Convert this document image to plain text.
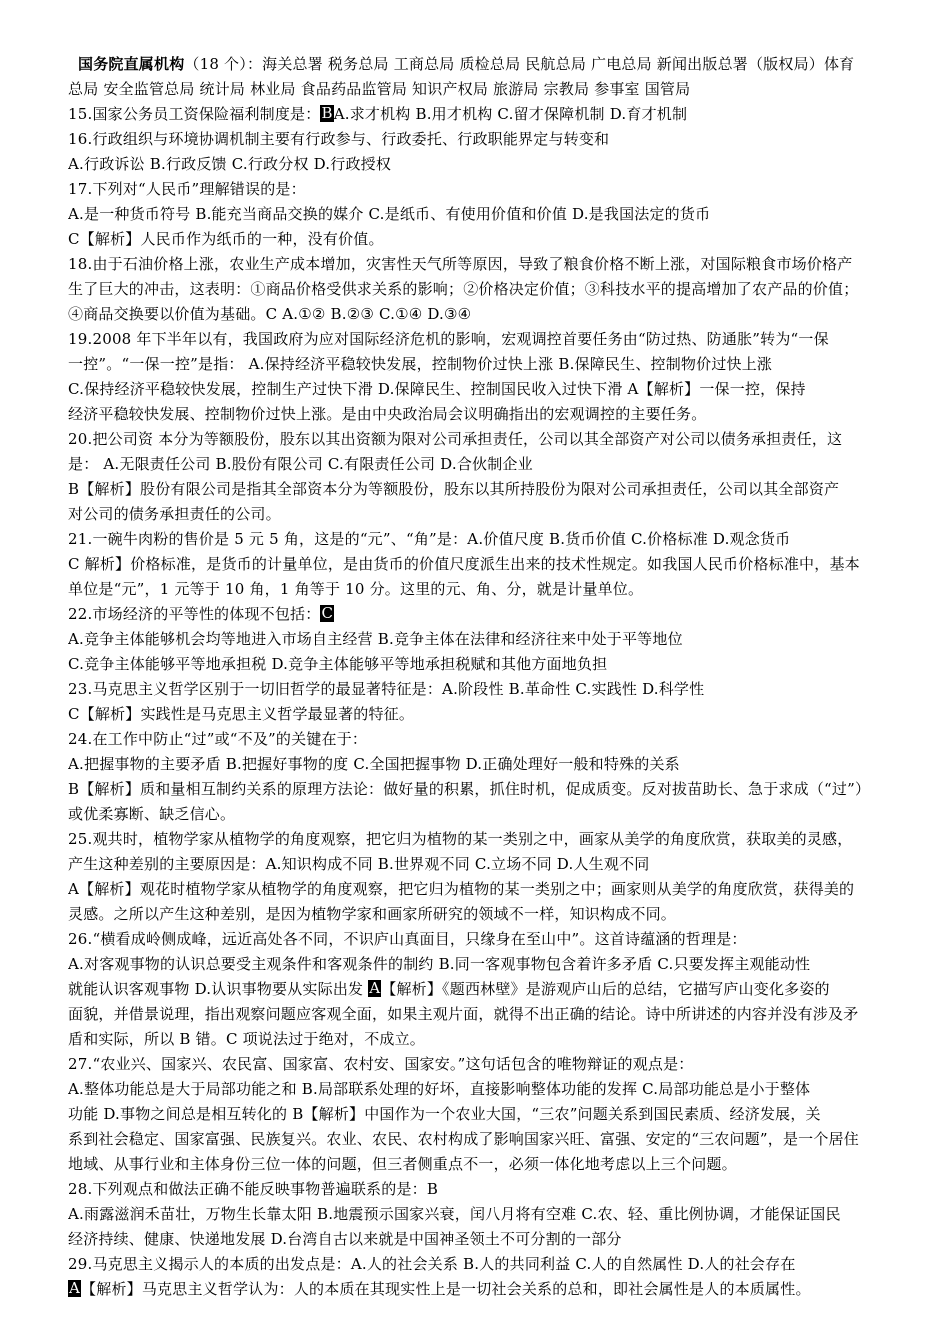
国务院直属机构（18 个）：海关总署 税务总局 工商总局 质检总局 民航总局 广电总局 新闻出版总署（版权局）体育
总局 安全监管总局 统计局 林业局 食品药品监管局 知识产权局 旅游局 宗教局 参事室 国管局
15.国家公务员工资保险福利制度是：BA.求才机构 B.用才机构 C.留才保障机制 D.育才机制
16.行政组织与环境协调机制主要有行政参与、行政委托、行政职能界定与转变和
A.行政诉讼 B.行政反馈 C.行政分权 D.行政授权
17.下列对“人民币”理解错误的是：
A.是一种货币符号 B.能充当商品交换的媒介 C.是纸币、有使用价值和价值 D.是我国法定的货币
C【解析】人民币作为纸币的一种，没有价值。
18.由于石油价格上涨，农业生产成本增加，灾害性天气所等原因，导致了粮食价格不断上涨，对国际粮食市场价格产
生了巨大的冲击，这表明：①商品价格受供求关系的影响；②价格决定价值；③科技水平的提高增加了农产品的价值；
④商品交换要以价值为基础。C A.①② B.②③ C.①④ D.③④
19.2008 年下半年以有，我国政府为应对国际经济危机的影响，宏观调控首要任务由“防过热、防通胀”转为“一保
一控”。“一保一控”是指： A.保持经济平稳较快发展，控制物价过快上涨 B.保障民生、控制物价过快上涨
C.保持经济平稳较快发展，控制生产过快下滑 D.保障民生、控制国民收入过快下滑 A【解析】一保一控，保持
经济平稳较快发展、控制物价过快上涨。是由中央政治局会议明确指出的宏观调控的主要任务。
20.把公司资 本分为等额股份，股东以其出资额为限对公司承担责任，公司以其全部资产对公司以债务承担责任，这
是： A.无限责任公司 B.股份有限公司 C.有限责任公司 D.合伙制企业
B【解析】股份有限公司是指其全部资本分为等额股份，股东以其所持股份为限对公司承担责任，公司以其全部资产
对公司的债务承担责任的公司。
21.一碗牛肉粉的售价是 5 元 5 角，这是的“元”、“角”是：A.价值尺度 B.货币价值 C.价格标准 D.观念货币
C 解析】价格标准，是货币的计量单位，是由货币的价值尺度派生出来的技术性规定。如我国人民币价格标准中，基本
单位是“元”，1 元等于 10 角，1 角等于 10 分。这里的元、角、分，就是计量单位。
22.市场经济的平等性的体现不包括：C
A.竞争主体能够机会均等地进入市场自主经营 B.竞争主体在法律和经济往来中处于平等地位
C.竞争主体能够平等地承担税 D.竞争主体能够平等地承担税赋和其他方面地负担
23.马克思主义哲学区别于一切旧哲学的最显著特征是：A.阶段性 B.革命性 C.实践性 D.科学性
C【解析】实践性是马克思主义哲学最显著的特征。
24.在工作中防止“过”或“不及”的关键在于：
A.把握事物的主要矛盾 B.把握好事物的度 C.全国把握事物 D.正确处理好一般和特殊的关系
B【解析】质和量相互制约关系的原理方法论：做好量的积累，抓住时机，促成质变。反对拔苗助长、急于求成（“过”）
或优柔寡断、缺乏信心。
25.观共时，植物学家从植物学的角度观察，把它归为植物的某一类别之中，画家从美学的角度欣赏，获取美的灵感，
产生这种差别的主要原因是：A.知识构成不同 B.世界观不同 C.立场不同 D.人生观不同
A【解析】观花时植物学家从植物学的角度观察，把它归为植物的某一类别之中；画家则从美学的角度欣赏，获得美的
灵感。之所以产生这种差别，是因为植物学家和画家所研究的领域不一样，知识构成不同。
26.“横看成岭侧成峰，远近高处各不同，不识庐山真面目，只缘身在至山中”。这首诗蕴涵的哲理是：
A.对客观事物的认识总要受主观条件和客观条件的制约 B.同一客观事物包含着许多矛盾 C.只要发挥主观能动性
就能认识客观事物 D.认识事物要从实际出发 A【解析】《题西林壁》是游观庐山后的总结，它描写庐山变化多姿的
面貌，并借景说理，指出观察问题应客观全面，如果主观片面，就得不出正确的结论。诗中所讲述的内容并没有涉及矛
盾和实际，所以 B 错。C 项说法过于绝对，不成立。
27.“农业兴、国家兴、农民富、国家富、农村安、国家安。”这句话包含的唯物辩证的观点是：
A.整体功能总是大于局部功能之和 B.局部联系处理的好坏，直接影响整体功能的发挥 C.局部功能总是小于整体
功能 D.事物之间总是相互转化的 B【解析】中国作为一个农业大国，“三农”问题关系到国民素质、经济发展，关
系到社会稳定、国家富强、民族复兴。农业、农民、农村构成了影响国家兴旺、富强、安定的“三农问题”，是一个居住
地域、从事行业和主体身份三位一体的问题，但三者侧重点不一，必须一体化地考虑以上三个问题。
28.下列观点和做法正确不能反映事物普遍联系的是：B
A.雨露滋润禾苗壮，万物生长靠太阳 B.地震预示国家兴衰，闰八月将有空难 C.农、轻、重比例协调，才能保证国民
经济持续、健康、快递地发展 D.台湾自古以来就是中国神圣领土不可分割的一部分
29.马克思主义揭示人的本质的出发点是：A.人的社会关系 B.人的共同利益 C.人的自然属性 D.人的社会存在
A【解析】马克思主义哲学认为：人的本质在其现实性上是一切社会关系的总和，即社会属性是人的本质属性。
